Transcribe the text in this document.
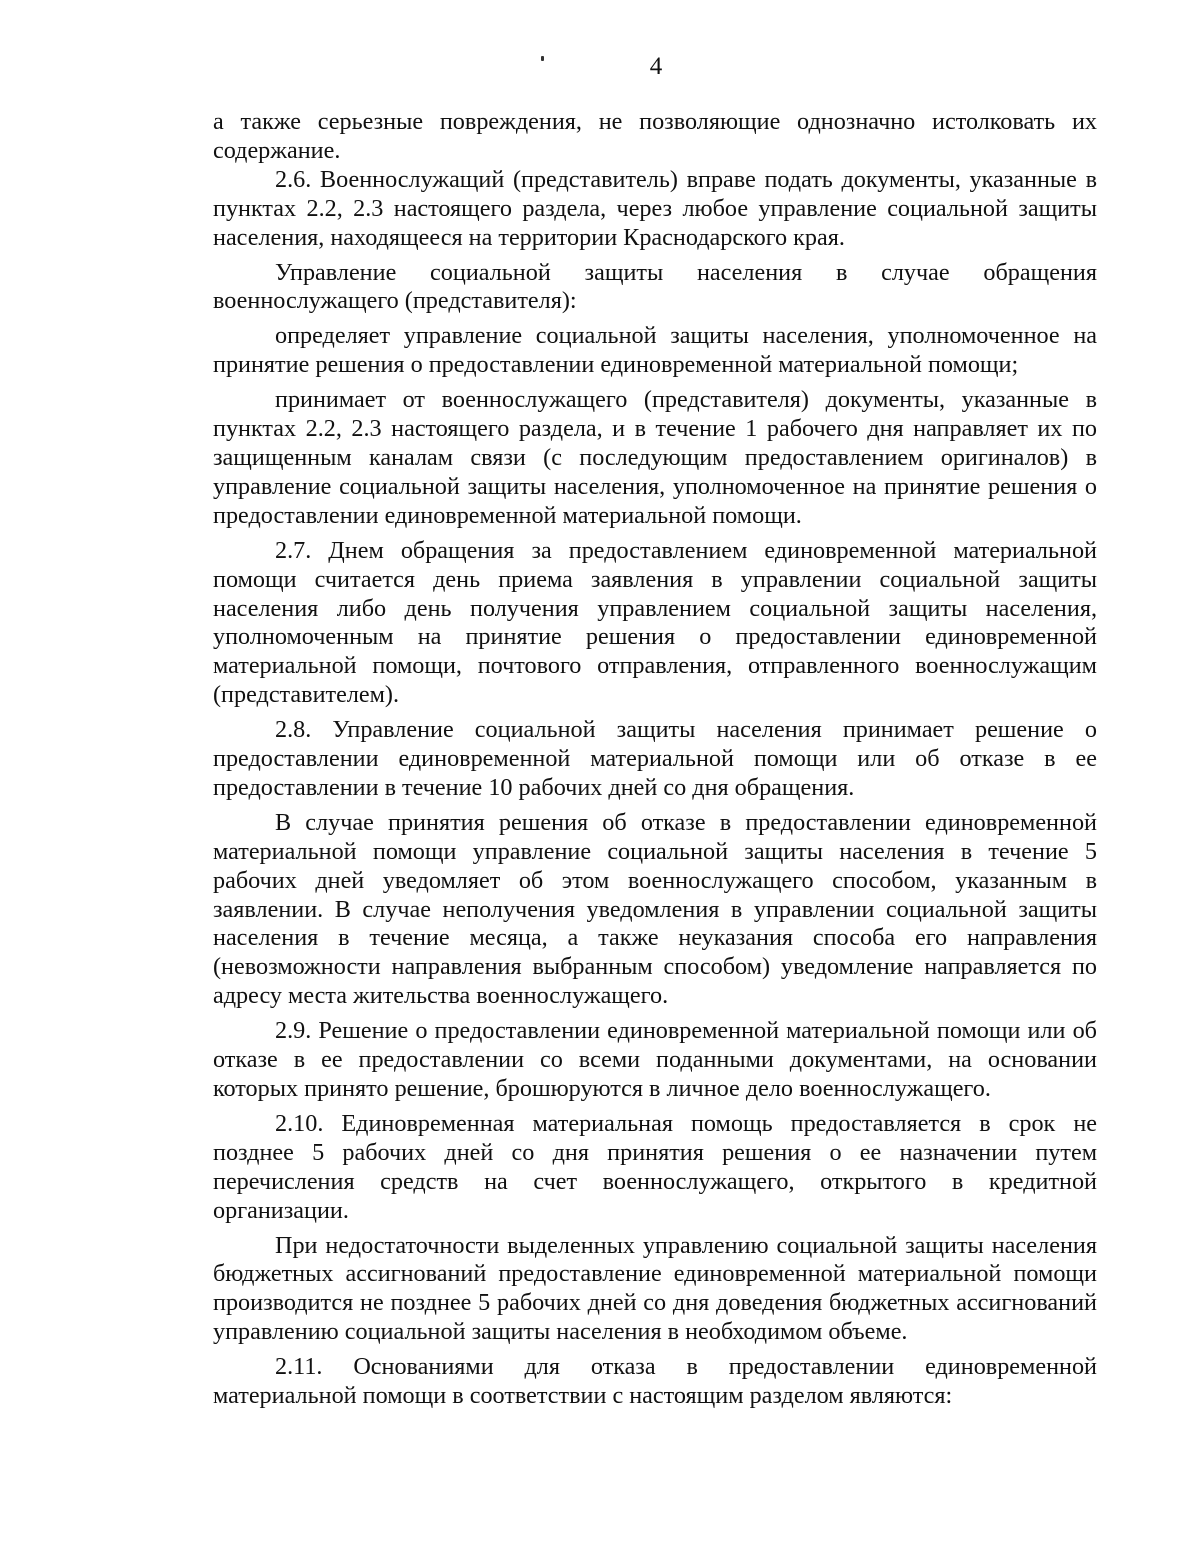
4

а также серьезные повреждения, не позволяющие однозначно истолковать их содержание.

2.6. Военнослужащий (представитель) вправе подать документы, указанные в пунктах 2.2, 2.3 настоящего раздела, через любое управление социальной защиты населения, находящееся на территории Краснодарского края.

Управление социальной защиты населения в случае обращения военнослужащего (представителя):

определяет управление социальной защиты населения, уполномоченное на принятие решения о предоставлении единовременной материальной помощи;

принимает от военнослужащего (представителя) документы, указанные в пунктах 2.2, 2.3 настоящего раздела, и в течение 1 рабочего дня направляет их по защищенным каналам связи (с последующим предоставлением оригиналов) в управление социальной защиты населения, уполномоченное на принятие решения о предоставлении единовременной материальной помощи.

2.7. Днем обращения за предоставлением единовременной материальной помощи считается день приема заявления в управлении социальной защиты населения либо день получения управлением социальной защиты населения, уполномоченным на принятие решения о предоставлении единовременной материальной помощи, почтового отправления, отправленного военнослужащим (представителем).

2.8. Управление социальной защиты населения принимает решение о предоставлении единовременной материальной помощи или об отказе в ее предоставлении в течение 10 рабочих дней со дня обращения.

В случае принятия решения об отказе в предоставлении единовременной материальной помощи управление социальной защиты населения в течение 5 рабочих дней уведомляет об этом военнослужащего способом, указанным в заявлении. В случае неполучения уведомления в управлении социальной защиты населения в течение месяца, а также неуказания способа его направления (невозможности направления выбранным способом) уведомление направляется по адресу места жительства военнослужащего.

2.9. Решение о предоставлении единовременной материальной помощи или об отказе в ее предоставлении со всеми поданными документами, на основании которых принято решение, брошюруются в личное дело военнослужащего.

2.10. Единовременная материальная помощь предоставляется в срок не позднее 5 рабочих дней со дня принятия решения о ее назначении путем перечисления средств на счет военнослужащего, открытого в кредитной организации.

При недостаточности выделенных управлению социальной защиты населения бюджетных ассигнований предоставление единовременной материальной помощи производится не позднее 5 рабочих дней со дня доведения бюджетных ассигнований управлению социальной защиты населения в необходимом объеме.

2.11. Основаниями для отказа в предоставлении единовременной материальной помощи в соответствии с настоящим разделом являются:
